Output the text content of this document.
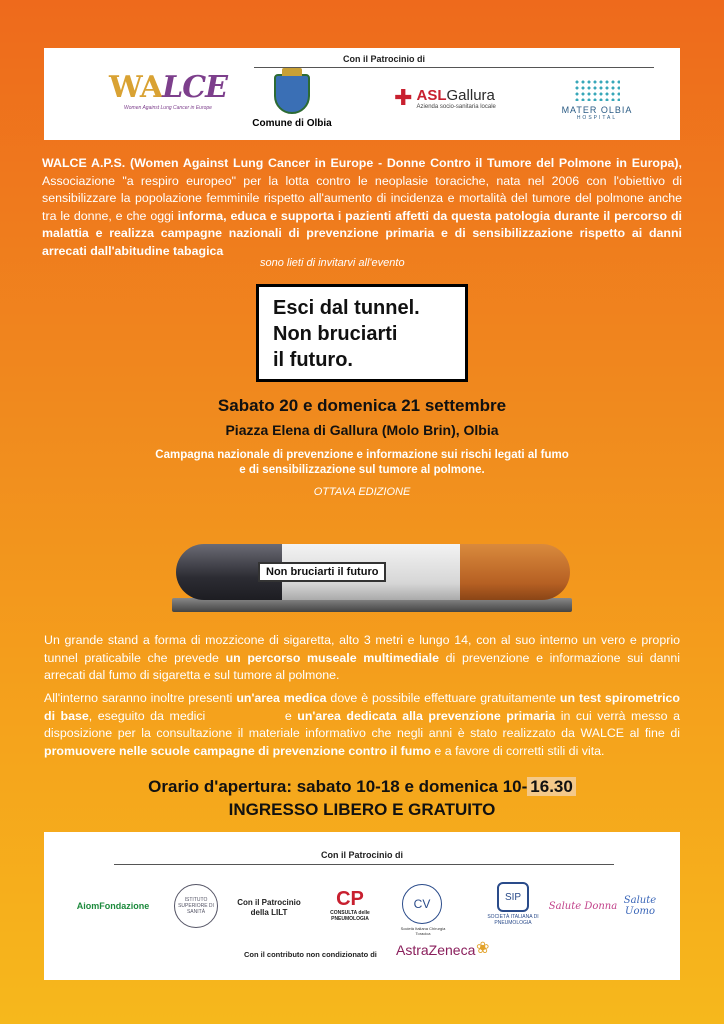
Con il Patrocinio di
WALCE
Women Against Lung Cancer in Europe
Comune di Olbia
✚ ASLGallura
Azienda socio-sanitaria locale	MATER OLBIA
HOSPITAL

WALCE A.P.S. (Women Against Lung Cancer in Europe - Donne Contro il Tumore del Polmone in Europa), Associazione "a respiro europeo" per la lotta contro le neoplasie toraciche, nata nel 2006 con l'obiettivo di sensibilizzare la popolazione femminile rispetto all'aumento di incidenza e mortalità del tumore del polmone anche tra le donne, e che oggi informa, educa e supporta i pazienti affetti da questa patologia durante il percorso di malattia e realizza campagne nazionali di prevenzione primaria e di sensibilizzazione rispetto ai danni arrecati dall'abitudine tabagica

sono lieti di invitarvi all'evento
Esci dal tunnel.
Non bruciarti
il futuro.
Sabato 20 e domenica 21 settembre
Piazza Elena di Gallura (Molo Brin), Olbia
Campagna nazionale di prevenzione e informazione sui rischi legati al fumo
e di sensibilizzazione sul tumore al polmone.
OTTAVA EDIZIONE
Non bruciarti il futuro

Un grande stand a forma di mozzicone di sigaretta, alto 3 metri e lungo 14, con al suo interno un vero e proprio tunnel praticabile che prevede un percorso museale multimediale di prevenzione e informazione sui danni arrecati dal fumo di sigaretta e sul tumore al polmone.

All'interno saranno inoltre presenti un'area medica dove è possibile effettuare gratuitamente un test spirometrico di base, eseguito da medici	e un'area dedicata alla prevenzione primaria in cui verrà messo a disposizione per la consultazione il materiale informativo che negli anni è stato realizzato da WALCE al fine di promuovere nelle scuole campagne di prevenzione contro il fumo e a favore di corretti stili di vita.

Orario d'apertura: sabato 10-18 e domenica 10- 16.30
INGRESSO LIBERO E GRATUITO
Con il Patrocinio di
AiomFondazione
ISTITUTO SUPERIORE DI SANITÀ
Con il Patrocinio della LILT
CP
CONSULTA delle PNEUMOLOGIA
CV
Società Italiana Chirurgia Toracica
SIP
SOCIETÀ ITALIANA DI PNEUMOLOGIA
Salute Donna Salute Uomo
Con il contributo non condizionato di AstraZeneca ❀
